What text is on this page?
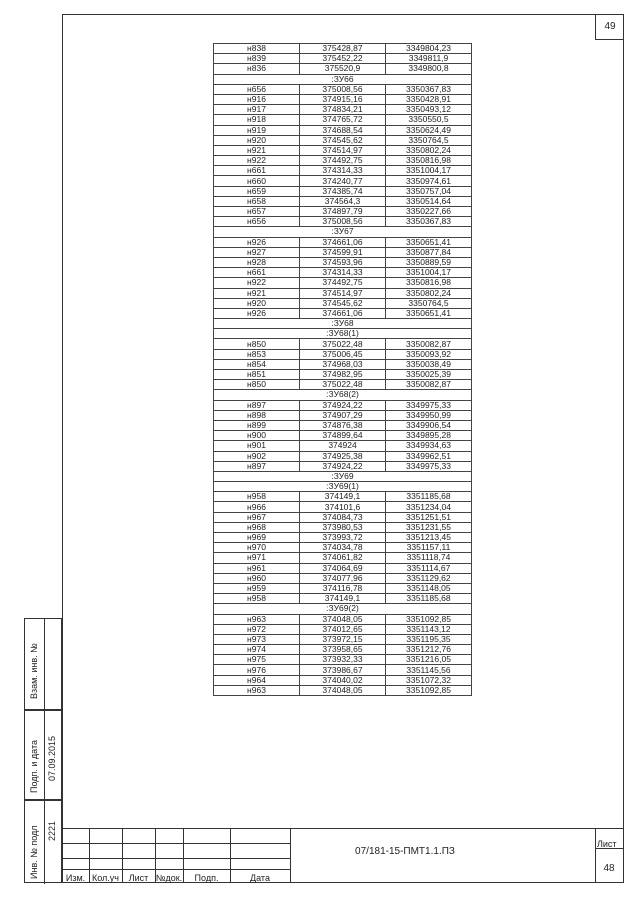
49
н838	375428,87	3349804,23
н839	375452,22	3349811,9
н836	375520,9	3349800,8
:ЗУ66		
н656	375008,56	3350367,83
н916	374915,16	3350428,91
н917	374834,21	3350493,12
н918	374765,72	3350550,5
н919	374688,54	3350624,49
н920	374545,62	3350764,5
н921	374514,97	3350802,24
н922	374492,75	3350816,98
н661	374314,33	3351004,17
н660	374240,77	3350974,61
н659	374385,74	3350757,04
н658	374564,3	3350514,64
н657	374897,79	3350227,66
н656	375008,56	3350367,83
:ЗУ67		
н926	374661,06	3350651,41
н927	374599,91	3350877,84
н928	374593,96	3350889,59
н661	374314,33	3351004,17
н922	374492,75	3350816,98
н921	374514,97	3350802,24
н920	374545,62	3350764,5
н926	374661,06	3350651,41
:ЗУ68		
:ЗУ68(1)		
н850	375022,48	3350082,87
н853	375006,45	3350093,92
н854	374968,03	3350038,49
н851	374982,95	3350025,39
н850	375022,48	3350082,87
:ЗУ68(2)		
н897	374924,22	3349975,33
н898	374907,29	3349950,99
н899	374876,38	3349906,54
н900	374899,64	3349895,28
н901	374924	3349934,63
н902	374925,38	3349962,51
н897	374924,22	3349975,33
:ЗУ69		
:ЗУ69(1)		
н958	374149,1	3351185,68
н966	374101,6	3351234,04
н967	374084,73	3351251,51
н968	373980,53	3351231,55
н969	373993,72	3351213,45
н970	374034,78	3351157,11
н971	374061,82	3351118,74
н961	374064,69	3351114,67
н960	374077,96	3351129,62
н959	374116,78	3351148,05
н958	374149,1	3351185,68
:ЗУ69(2)		
н963	374048,05	3351092,85
н972	374012,65	3351143,12
н973	373972,15	3351195,35
н974	373958,65	3351212,76
н975	373932,33	3351216,05
н976	373986,67	3351145,56
н964	374040,02	3351072,32
н963	374048,05	3351092,85
Взам. инв. №
Подп. и дата 07.09.2015
Инв. № подл 2221
Изм. Кол.уч	Лист №док.	Подп.	Дата
07/181-15-ПМТ1.1.ПЗ
Лист
48
